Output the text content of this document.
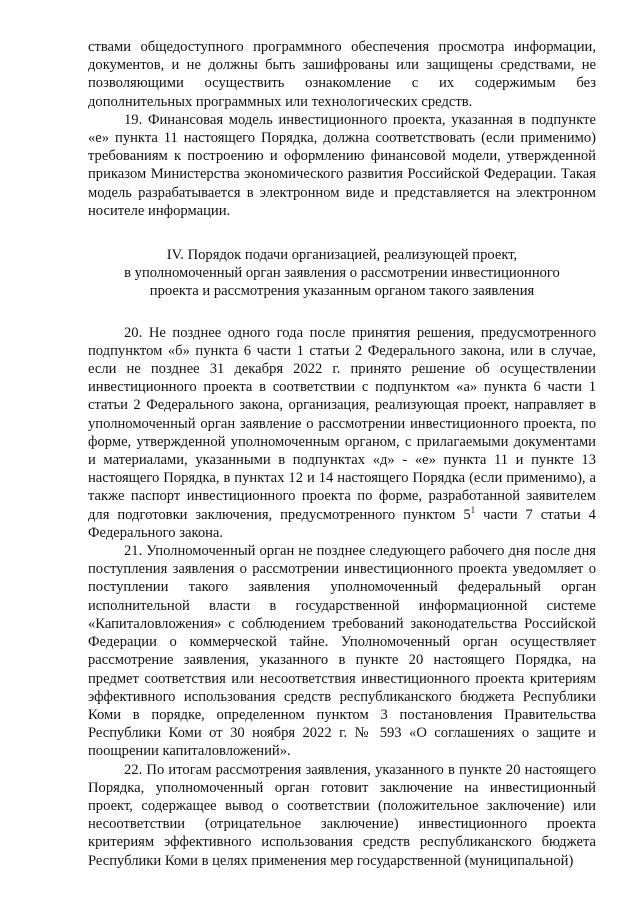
ствами общедоступного программного обеспечения просмотра информации, документов, и не должны быть зашифрованы или защищены средствами, не позволяющими осуществить ознакомление с их содержимым без дополнительных программных или технологических средств.

19. Финансовая модель инвестиционного проекта, указанная в подпункте «е» пункта 11 настоящего Порядка, должна соответствовать (если применимо) требованиям к построению и оформлению финансовой модели, утвержденной приказом Министерства экономического развития Российской Федерации. Такая модель разрабатывается в электронном виде и представляется на электронном носителе информации.

IV. Порядок подачи организацией, реализующей проект,
в уполномоченный орган заявления о рассмотрении инвестиционного
проекта и рассмотрения указанным органом такого заявления

20. Не позднее одного года после принятия решения, предусмотренного подпунктом «б» пункта 6 части 1 статьи 2 Федерального закона, или в случае, если не позднее 31 декабря 2022 г. принято решение об осуществлении инвестиционного проекта в соответствии с подпунктом «а» пункта 6 части 1 статьи 2 Федерального закона, организация, реализующая проект, направляет в уполномоченный орган заявление о рассмотрении инвестиционного проекта, по форме, утвержденной уполномоченным органом, с прилагаемыми документами и материалами, указанными в подпунктах «д» - «е» пункта 11 и пункте 13 настоящего Порядка, в пунктах 12 и 14 настоящего Порядка (если применимо), а также паспорт инвестиционного проекта по форме, разработанной заявителем для подготовки заключения, предусмотренного пунктом $5^1$ части 7 статьи 4 Федерального закона.

21. Уполномоченный орган не позднее следующего рабочего дня после дня поступления заявления о рассмотрении инвестиционного проекта уведомляет о поступлении такого заявления уполномоченный федеральный орган исполнительной власти в государственной информационной системе «Капиталовложения» с соблюдением требований законодательства Российской Федерации о коммерческой тайне. Уполномоченный орган осуществляет рассмотрение заявления, указанного в пункте 20 настоящего Порядка, на предмет соответствия или несоответствия инвестиционного проекта критериям эффективного использования средств республиканского бюджета Республики Коми в порядке, определенном пунктом 3 постановления Правительства Республики Коми от 30 ноября 2022 г. № 593 «О соглашениях о защите и поощрении капиталовложений».

22. По итогам рассмотрения заявления, указанного в пункте 20 настоящего Порядка, уполномоченный орган готовит заключение на инвестиционный проект, содержащее вывод о соответствии (положительное заключение) или несоответствии (отрицательное заключение) инвестиционного проекта критериям эффективного использования средств республиканского бюджета Республики Коми в целях применения мер государственной (муниципальной)
